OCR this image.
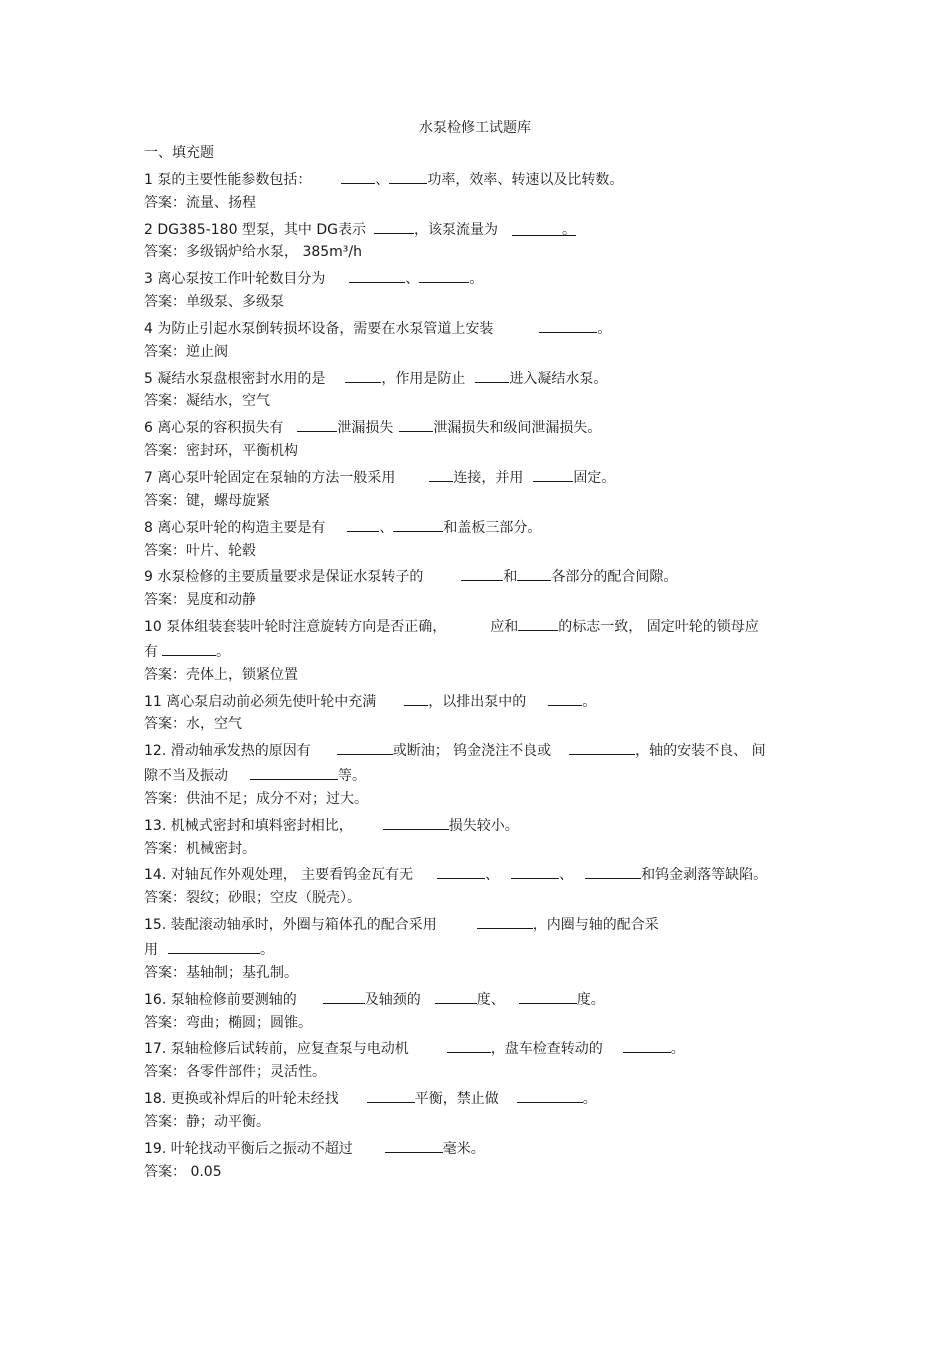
水泵检修工试题库
一、填充题
1 泵的主要性能参数包括：	、	功率，效率、转速以及比转数。
答案：流量、扬程
2 DG385-180 型泵，其中 DG表示	，该泵流量为	。
答案：多级锅炉给水泵， 385m³/h
3 离心泵按工作叶轮数目分为	、	。
答案：单级泵、多级泵
4 为防止引起水泵倒转损坏设备，需要在水泵管道上安装	。
答案：逆止阀
5 凝结水泵盘根密封水用的是	，作用是防止	进入凝结水泵。
答案：凝结水，空气
6 离心泵的容积损失有	泄漏损失	泄漏损失和级间泄漏损失。
答案：密封环，平衡机构
7 离心泵叶轮固定在泵轴的方法一般采用	连接，并用	固定。
答案：键，螺母旋紧
8 离心泵叶轮的构造主要是有	、	和盖板三部分。
答案：叶片、轮毂
9 水泵检修的主要质量要求是保证水泵转子的	和 各部分的配合间隙。
答案：晃度和动静
10 泵体组装套装叶轮时注意旋转方向是否正确，	应和	的标志一致， 固定叶轮的锁母应
有	。
答案：壳体上，锁紧位置
11 离心泵启动前必须先使叶轮中充满	，以排出泵中的	。
答案：水，空气
12. 滑动轴承发热的原因有	或断油； 钨金浇注不良或	，轴的安装不良、 间
隙不当及振动	等。
答案：供油不足；成分不对；过大。
13. 机械式密封和填料密封相比，	损失较小。
答案：机械密封。
14. 对轴瓦作外观处理， 主要看钨金瓦有无	、	、	和钨金剥落等缺陷。
答案：裂纹；砂眼；空皮（脱壳）。
15. 装配滚动轴承时，外圈与箱体孔的配合采用	，内圈与轴的配合采
用	。
答案：基轴制；基孔制。
16. 泵轴检修前要测轴的	及轴颈的	度、	度。
答案：弯曲；椭圆；圆锥。
17. 泵轴检修后试转前，应复查泵与电动机	，盘车检查转动的	。
答案：各零件部件；灵活性。
18. 更换或补焊后的叶轮未经找	平衡，禁止做	。
答案：静；动平衡。
19. 叶轮找动平衡后之振动不超过	毫米。
答案： 0.05
